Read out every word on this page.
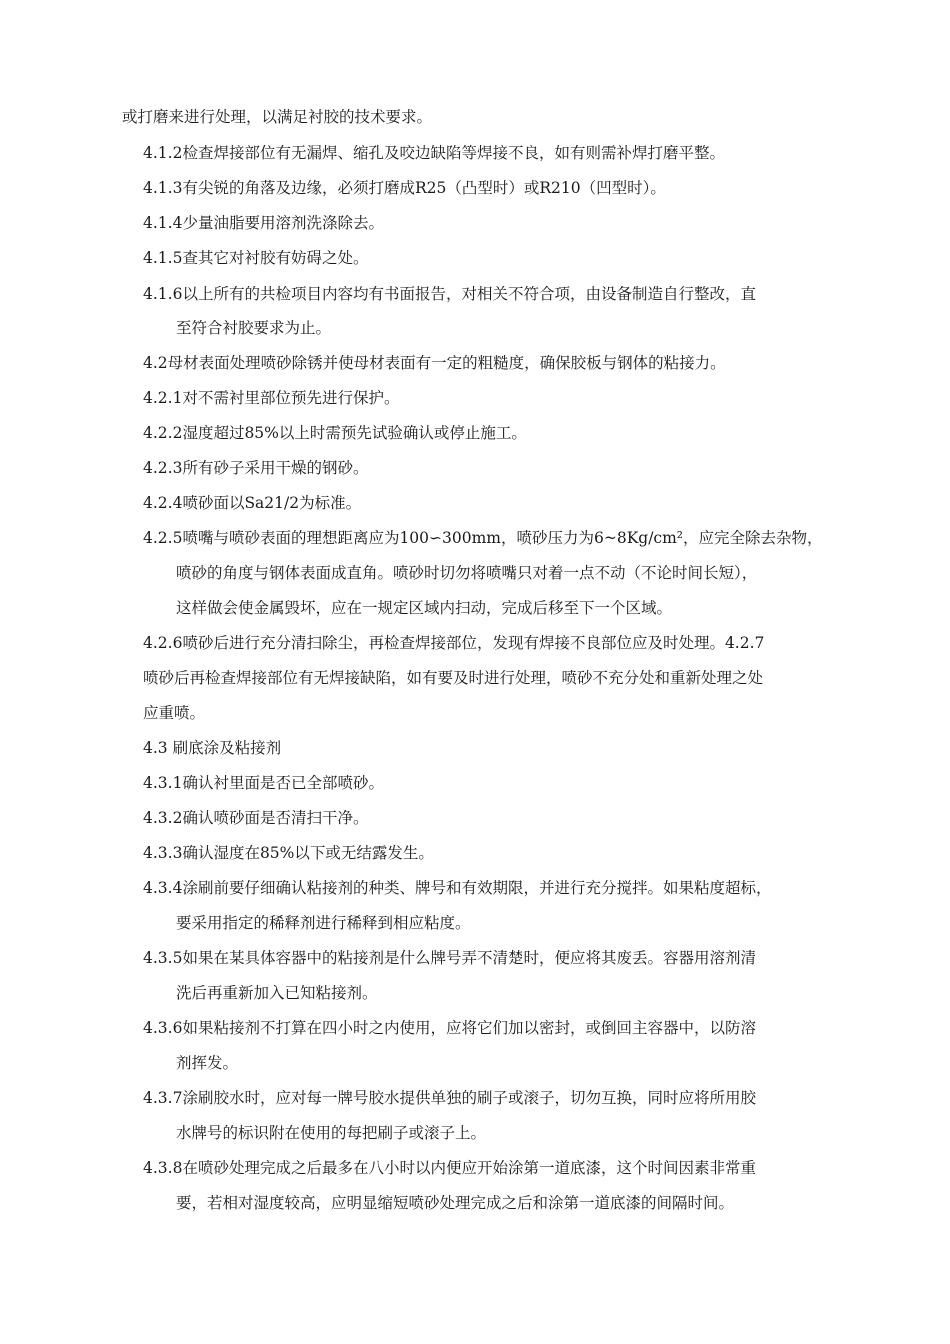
或打磨来进行处理，以满足衬胶的技术要求。
4.1.2检查焊接部位有无漏焊、缩孔及咬边缺陷等焊接不良，如有则需补焊打磨平整。
4.1.3有尖锐的角落及边缘，必须打磨成R25（凸型时）或R210（凹型时）。
4.1.4少量油脂要用溶剂洗涤除去。
4.1.5查其它对衬胶有妨碍之处。
4.1.6以上所有的共检项目内容均有书面报告，对相关不符合项，由设备制造自行整改，直
至符合衬胶要求为止。
4.2母材表面处理喷砂除锈并使母材表面有一定的粗糙度，确保胶板与钢体的粘接力。
4.2.1对不需衬里部位预先进行保护。
4.2.2湿度超过85%以上时需预先试验确认或停止施工。
4.2.3所有砂子采用干燥的钢砂。
4.2.4喷砂面以Sa21/2为标准。
4.2.5喷嘴与喷砂表面的理想距离应为100∽300mm，喷砂压力为6~8Kg/cm²，应完全除去杂物，
喷砂的角度与钢体表面成直角。喷砂时切勿将喷嘴只对着一点不动（不论时间长短），
这样做会使金属毁坏，应在一规定区域内扫动，完成后移至下一个区域。
4.2.6喷砂后进行充分清扫除尘，再检查焊接部位，发现有焊接不良部位应及时处理。4.2.7
喷砂后再检查焊接部位有无焊接缺陷，如有要及时进行处理，喷砂不充分处和重新处理之处
应重喷。
4.3 刷底涂及粘接剂
4.3.1确认衬里面是否已全部喷砂。
4.3.2确认喷砂面是否清扫干净。
4.3.3确认湿度在85%以下或无结露发生。
4.3.4涂刷前要仔细确认粘接剂的种类、牌号和有效期限，并进行充分搅拌。如果粘度超标，
要采用指定的稀释剂进行稀释到相应粘度。
4.3.5如果在某具体容器中的粘接剂是什么牌号弄不清楚时，便应将其废丢。容器用溶剂清
洗后再重新加入已知粘接剂。
4.3.6如果粘接剂不打算在四小时之内使用，应将它们加以密封，或倒回主容器中，以防溶
剂挥发。
4.3.7涂刷胶水时，应对每一牌号胶水提供单独的刷子或滚子，切勿互换，同时应将所用胶
水牌号的标识附在使用的每把刷子或滚子上。
4.3.8在喷砂处理完成之后最多在八小时以内便应开始涂第一道底漆，这个时间因素非常重
要，若相对湿度较高，应明显缩短喷砂处理完成之后和涂第一道底漆的间隔时间。
